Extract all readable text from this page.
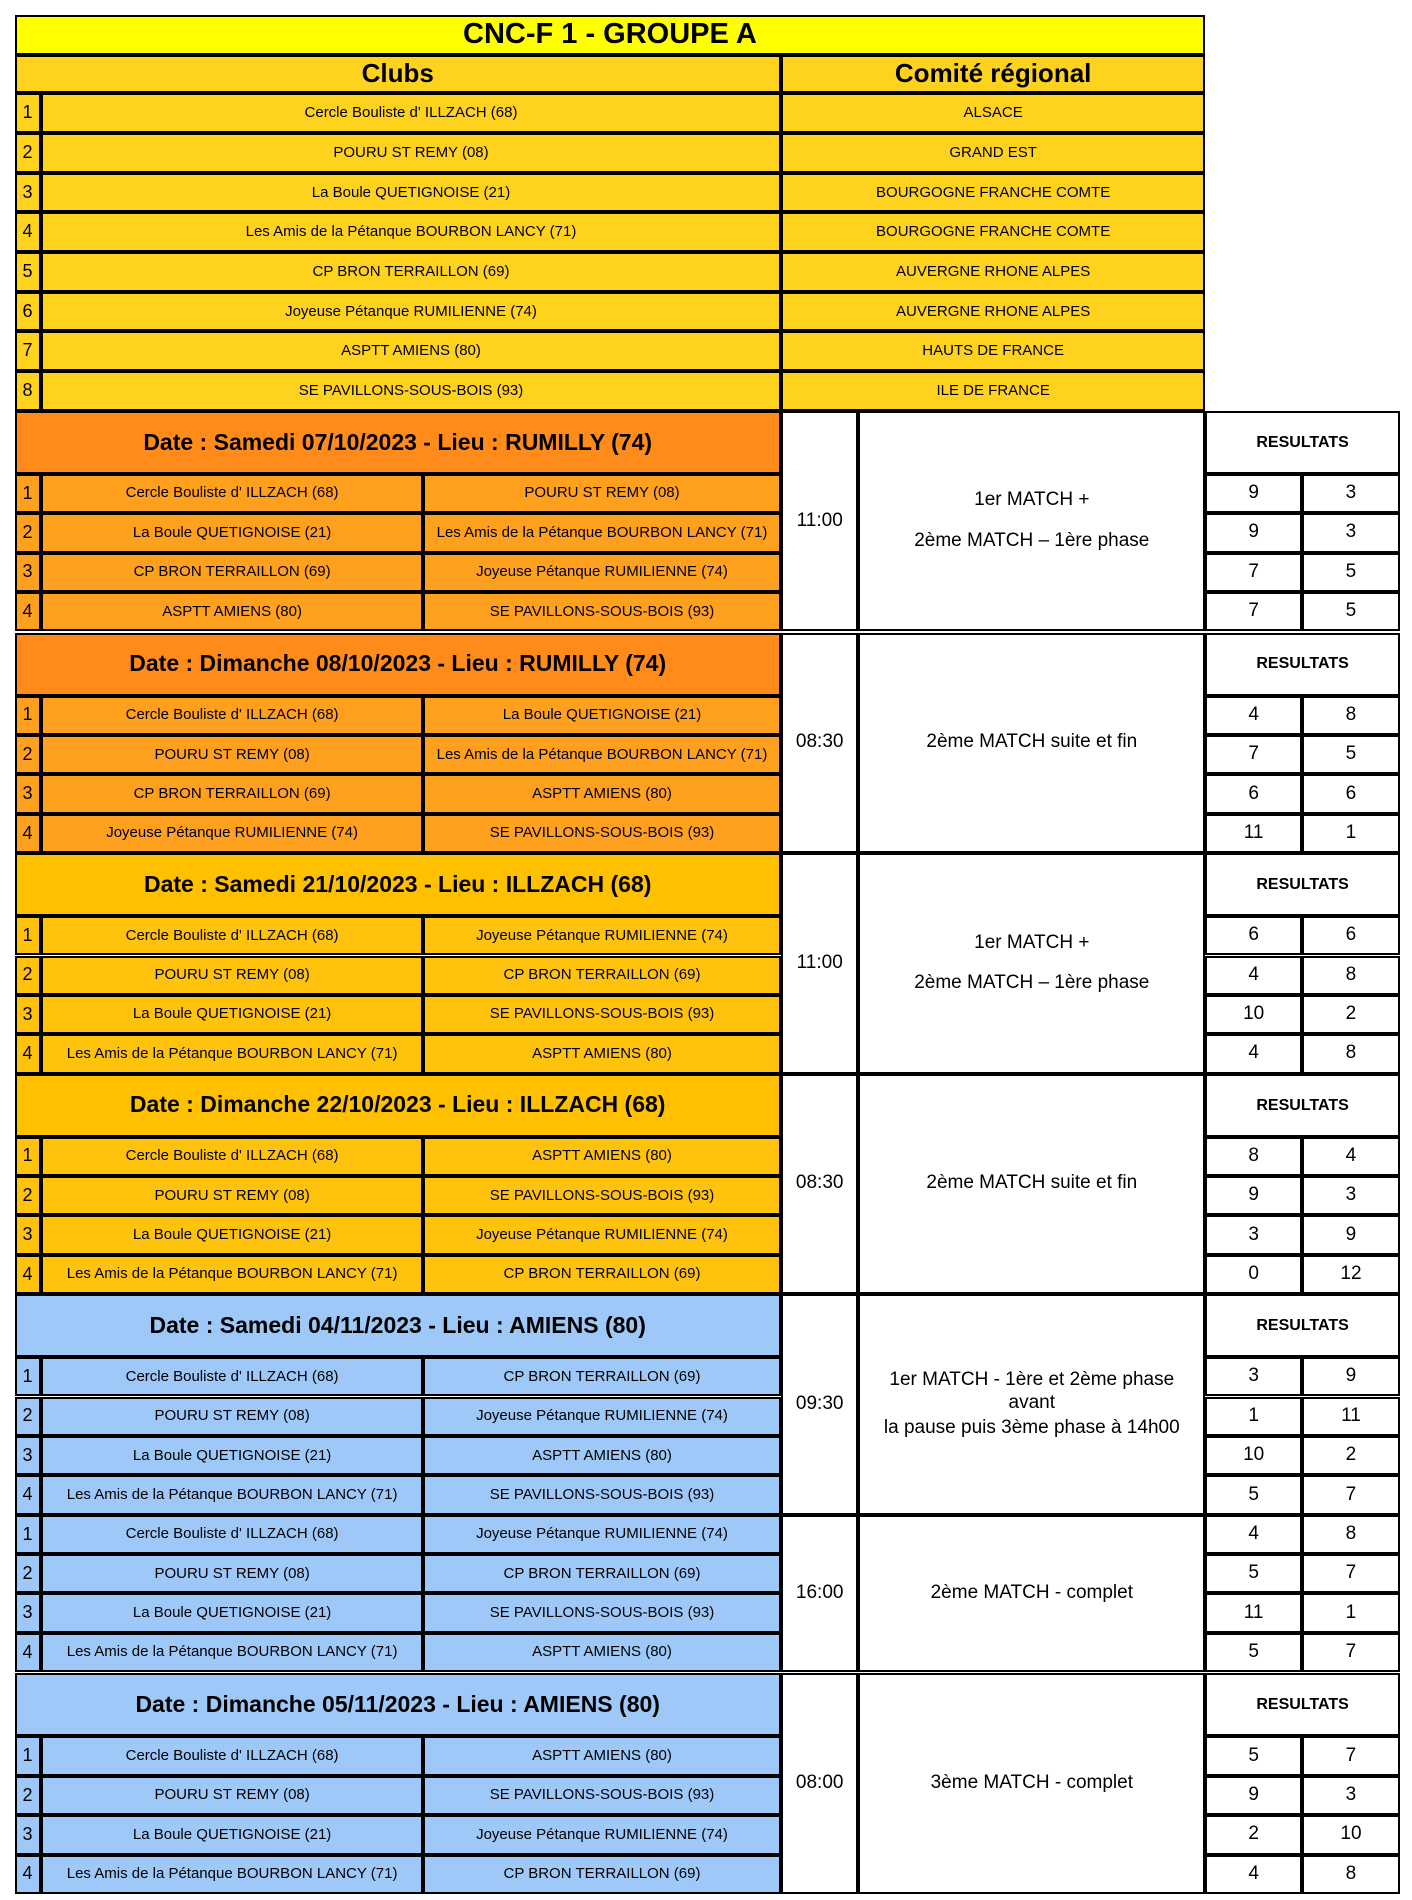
CNC-F 1 - GROUPE A
Clubs	Comité régional
1	Cercle Bouliste d' ILLZACH (68)	ALSACE
2	POURU ST REMY (08)	GRAND EST
3	La Boule QUETIGNOISE (21)	BOURGOGNE FRANCHE COMTE
4	Les Amis de la Pétanque BOURBON LANCY (71)	BOURGOGNE FRANCHE COMTE
5	CP BRON TERRAILLON (69)	AUVERGNE RHONE ALPES
6	Joyeuse Pétanque RUMILIENNE (74)	AUVERGNE RHONE ALPES
7	ASPTT AMIENS (80)	HAUTS DE FRANCE
8	SE PAVILLONS-SOUS-BOIS (93)	ILE DE FRANCE
Date : Samedi 07/10/2023 - Lieu : RUMILLY (74)	RESULTATS
11:00
1er MATCH +
2ème MATCH – 1ère phase
1	Cercle Bouliste d' ILLZACH (68)	POURU ST REMY (08)	9	3
2	La Boule QUETIGNOISE (21)	Les Amis de la Pétanque BOURBON LANCY (71)	9	3
3	CP BRON TERRAILLON (69)	Joyeuse Pétanque RUMILIENNE (74)	7	5
4	ASPTT AMIENS (80)	SE PAVILLONS-SOUS-BOIS (93)	7	5
Date : Dimanche 08/10/2023 - Lieu : RUMILLY (74)	RESULTATS
08:30	2ème MATCH suite et fin
1	Cercle Bouliste d' ILLZACH (68)	La Boule QUETIGNOISE (21)	4	8
2	POURU ST REMY (08)	Les Amis de la Pétanque BOURBON LANCY (71)	7	5
3	CP BRON TERRAILLON (69)	ASPTT AMIENS (80)	6	6
4	Joyeuse Pétanque RUMILIENNE (74)	SE PAVILLONS-SOUS-BOIS (93)	11	1
Date : Samedi 21/10/2023 - Lieu : ILLZACH (68)	RESULTATS
11:00
1er MATCH +
2ème MATCH – 1ère phase
1	Cercle Bouliste d' ILLZACH (68)	Joyeuse Pétanque RUMILIENNE (74)	6	6
2	POURU ST REMY (08)	CP BRON TERRAILLON (69)	4	8
3	La Boule QUETIGNOISE (21)	SE PAVILLONS-SOUS-BOIS (93)	10	2
4 Les Amis de la Pétanque BOURBON LANCY (71)	ASPTT AMIENS (80)	4	8
Date : Dimanche 22/10/2023 - Lieu : ILLZACH (68)	RESULTATS
08:30	2ème MATCH suite et fin
1	Cercle Bouliste d' ILLZACH (68)	ASPTT AMIENS (80)	8	4
2	POURU ST REMY (08)	SE PAVILLONS-SOUS-BOIS (93)	9	3
3	La Boule QUETIGNOISE (21)	Joyeuse Pétanque RUMILIENNE (74)	3	9
4 Les Amis de la Pétanque BOURBON LANCY (71)	CP BRON TERRAILLON (69)	0	12
Date : Samedi 04/11/2023 - Lieu : AMIENS (80)	RESULTATS
09:30
1er MATCH - 1ère et 2ème phase avant
la pause puis 3ème phase à 14h00
1	Cercle Bouliste d' ILLZACH (68)	CP BRON TERRAILLON (69)	3	9
2	POURU ST REMY (08)	Joyeuse Pétanque RUMILIENNE (74)	1	11
3	La Boule QUETIGNOISE (21)	ASPTT AMIENS (80)	10	2
4 Les Amis de la Pétanque BOURBON LANCY (71)	SE PAVILLONS-SOUS-BOIS (93)	5	7
16:00	2ème MATCH - complet
1	Cercle Bouliste d' ILLZACH (68)	Joyeuse Pétanque RUMILIENNE (74)	4	8
2	POURU ST REMY (08)	CP BRON TERRAILLON (69)	5	7
3	La Boule QUETIGNOISE (21)	SE PAVILLONS-SOUS-BOIS (93)	11	1
4 Les Amis de la Pétanque BOURBON LANCY (71)	ASPTT AMIENS (80)	5	7
Date : Dimanche 05/11/2023 - Lieu : AMIENS (80)	RESULTATS
08:00	3ème MATCH - complet
1	Cercle Bouliste d' ILLZACH (68)	ASPTT AMIENS (80)	5	7
2	POURU ST REMY (08)	SE PAVILLONS-SOUS-BOIS (93)	9	3
3	La Boule QUETIGNOISE (21)	Joyeuse Pétanque RUMILIENNE (74)	2	10
4 Les Amis de la Pétanque BOURBON LANCY (71)	CP BRON TERRAILLON (69)	4	8
